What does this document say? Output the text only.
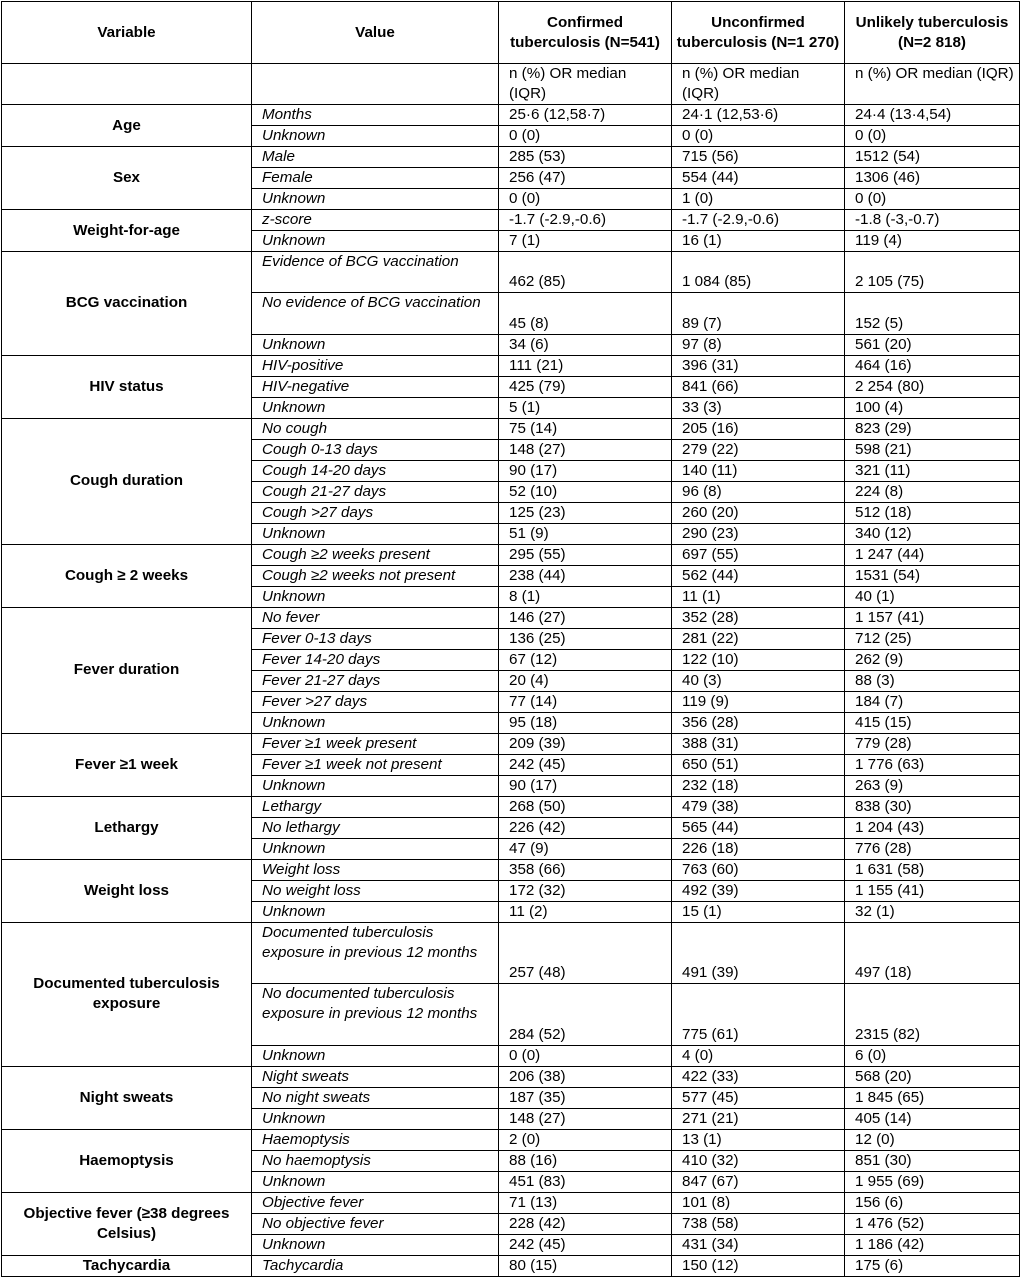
Variable	Value	Confirmed tuberculosis (N=541)	Unconfirmed tuberculosis (N=1 270)	Unlikely tuberculosis (N=2 818)
		n (%) OR median (IQR)	n (%) OR median (IQR)	n (%) OR median (IQR)
Age	Months	25·6 (12,58·7)	24·1 (12,53·6)	24·4 (13·4,54)
	Unknown	0 (0)	0 (0)	0 (0)
Sex	Male	285 (53)	715 (56)	1512 (54)
	Female	256 (47)	554 (44)	1306 (46)
	Unknown	0 (0)	1 (0)	0 (0)
Weight-for-age	z-score	-1.7 (-2.9,-0.6)	-1.7 (-2.9,-0.6)	-1.8 (-3,-0.7)
	Unknown	7 (1)	16 (1)	119 (4)
BCG vaccination	Evidence of BCG vaccination	462 (85)	1 084 (85)	2 105 (75)
	No evidence of BCG vaccination	45 (8)	89 (7)	152 (5)
	Unknown	34 (6)	97 (8)	561 (20)
HIV status	HIV-positive	111 (21)	396 (31)	464 (16)
	HIV-negative	425 (79)	841 (66)	2 254 (80)
	Unknown	5 (1)	33 (3)	100 (4)
Cough duration	No cough	75 (14)	205 (16)	823 (29)
	Cough 0-13 days	148 (27)	279 (22)	598 (21)
	Cough 14-20 days	90 (17)	140 (11)	321 (11)
	Cough 21-27 days	52 (10)	96 (8)	224 (8)
	Cough >27 days	125 (23)	260 (20)	512 (18)
	Unknown	51 (9)	290 (23)	340 (12)
Cough ≥ 2 weeks	Cough ≥2 weeks present	295 (55)	697 (55)	1 247 (44)
	Cough ≥2 weeks not present	238 (44)	562 (44)	1531 (54)
	Unknown	8 (1)	11 (1)	40 (1)
Fever duration	No fever	146 (27)	352 (28)	1 157 (41)
	Fever 0-13 days	136 (25)	281 (22)	712 (25)
	Fever 14-20 days	67 (12)	122 (10)	262 (9)
	Fever 21-27 days	20 (4)	40 (3)	88 (3)
	Fever >27 days	77 (14)	119 (9)	184 (7)
	Unknown	95 (18)	356 (28)	415 (15)
Fever ≥1 week	Fever ≥1 week present	209 (39)	388 (31)	779 (28)
	Fever ≥1 week not present	242 (45)	650 (51)	1 776 (63)
	Unknown	90 (17)	232 (18)	263 (9)
Lethargy	Lethargy	268 (50)	479 (38)	838 (30)
	No lethargy	226 (42)	565 (44)	1 204 (43)
	Unknown	47 (9)	226 (18)	776 (28)
Weight loss	Weight loss	358 (66)	763 (60)	1 631 (58)
	No weight loss	172 (32)	492 (39)	1 155 (41)
	Unknown	11 (2)	15 (1)	32 (1)
Documented tuberculosis exposure	Documented tuberculosis exposure in previous 12 months	257 (48)	491 (39)	497 (18)
	No documented tuberculosis exposure in previous 12 months	284 (52)	775 (61)	2315 (82)
	Unknown	0 (0)	4 (0)	6 (0)
Night sweats	Night sweats	206 (38)	422 (33)	568 (20)
	No night sweats	187 (35)	577 (45)	1 845 (65)
	Unknown	148 (27)	271 (21)	405 (14)
Haemoptysis	Haemoptysis	2 (0)	13 (1)	12 (0)
	No haemoptysis	88 (16)	410 (32)	851 (30)
	Unknown	451 (83)	847 (67)	1 955 (69)
Objective fever (≥38 degrees Celsius)	Objective fever	71 (13)	101 (8)	156 (6)
	No objective fever	228 (42)	738 (58)	1 476 (52)
	Unknown	242 (45)	431 (34)	1 186 (42)
Tachycardia	Tachycardia	80 (15)	150 (12)	175 (6)
